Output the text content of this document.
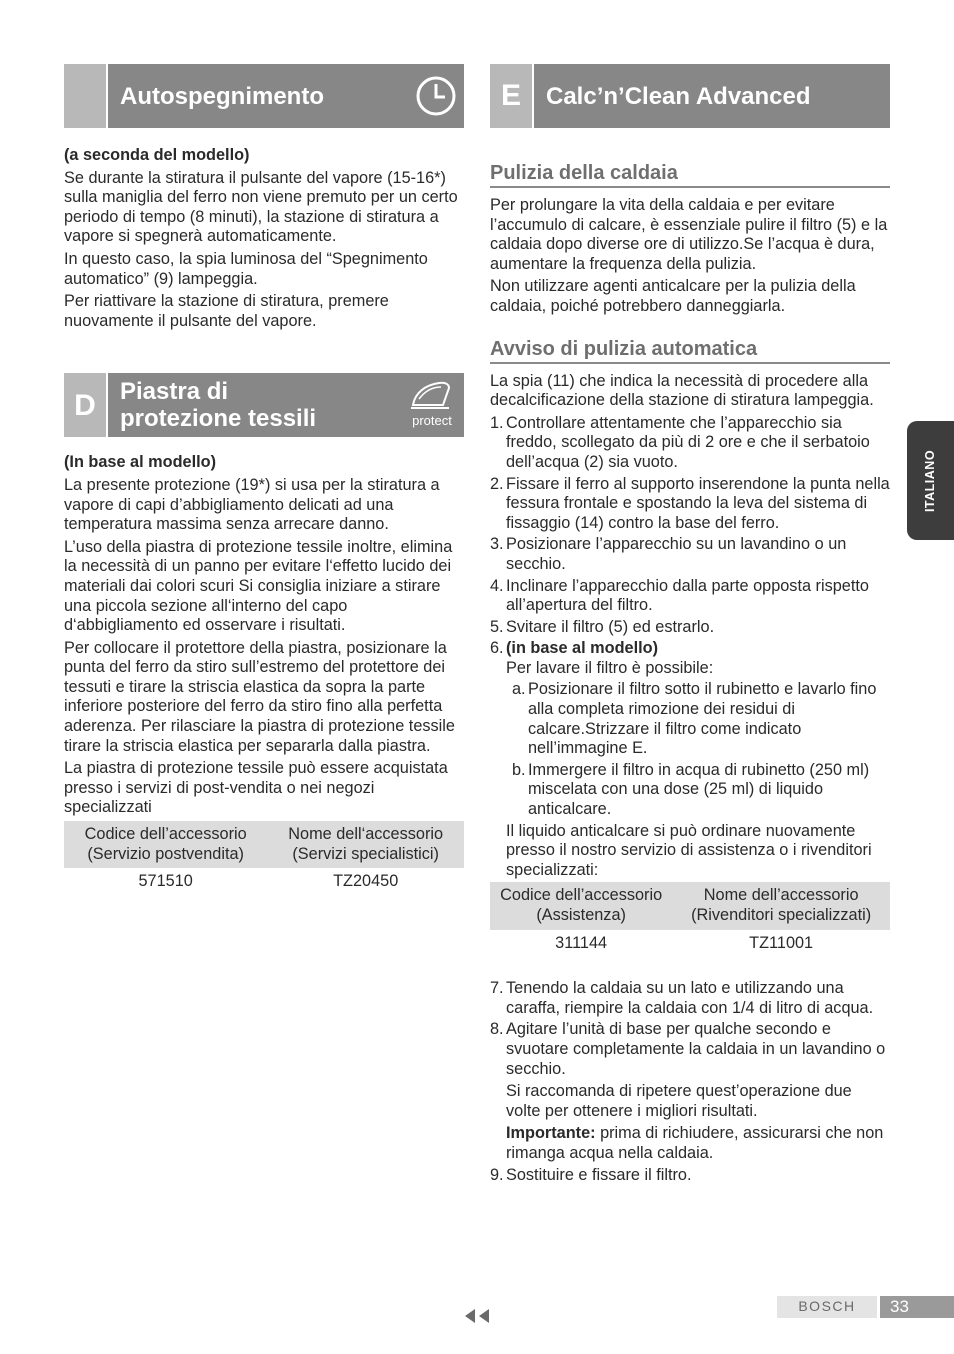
Autospegnimento

(a seconda del modello)

Se durante la stiratura il pulsante del vapore (15-16*) sulla maniglia del ferro non viene premuto per un certo periodo di tempo (8 minuti), la stazione di stiratura a vapore si spegnerà automaticamente.

In questo caso, la spia luminosa del “Spegnimento automatico” (9) lampeggia.

Per riattivare la stazione di stiratura, premere nuovamente il pulsante del vapore.

D	Piastra di
protezione tessili	protect

(In base al modello)

La presente protezione (19*) si usa per la stiratura a vapore di capi d’abbigliamento delicati ad una temperatura massima senza arrecare danno.

L’uso della piastra di protezione tessile inoltre, elimina la necessità di un panno per evitare l‘effetto lucido dei materiali dai colori scuri Si consiglia iniziare a stirare una piccola sezione all‘interno del capo d‘abbigliamento ed osservare i risultati.

Per collocare il protettore della piastra, posizionare la punta del ferro da stiro sull’estremo del protettore dei tessuti e tirare la striscia elastica da sopra la parte inferiore posteriore del ferro da stiro fino alla perfetta aderenza. Per rilasciare la piastra di protezione tessile tirare la striscia elastica per separarla dalla piastra.

La piastra di protezione tessile può essere acquistata presso i servizi di post-vendita o nei negozi specializzati

Codice dell’accessorio (Servizio postvendita)	Nome dell‘accessorio (Servizi specialistici)
571510	TZ20450
E	Calc’n’Clean Advanced
Pulizia della caldaia

Per prolungare la vita della caldaia e per evitare l’accumulo di calcare, è essenziale pulire il filtro (5) e la caldaia dopo diverse ore di utilizzo.Se l’acqua è dura, aumentare la frequenza della pulizia.

Non utilizzare agenti anticalcare per la pulizia della caldaia, poiché potrebbero danneggiarla.

Avviso di pulizia automatica

La spia (11) che indica la necessità di procedere alla decalcificazione della stazione di stiratura lampeggia.

1. Controllare attentamente che l’apparecchio sia freddo, scollegato da più di 2 ore e che il serbatoio dell’acqua (2) sia vuoto.
2. Fissare il ferro al supporto inserendone la punta nella fessura frontale e spostando la leva del sistema di fissaggio (14) contro la base del ferro.
3. Posizionare l’apparecchio su un lavandino o un secchio.
4. Inclinare l’apparecchio dalla parte opposta rispetto all’apertura del filtro.
5. Svitare il filtro (5) ed estrarlo.
6. (in base al modello)
Per lavare il filtro è possibile:
a. Posizionare il filtro sotto il rubinetto e lavarlo fino alla completa rimozione dei residui di calcare.Strizzare il filtro come indicato nell’immagine E.
b. Immergere il filtro in acqua di rubinetto (250 ml) miscelata con una dose (25 ml) di liquido anticalcare.
Il liquido anticalcare si può ordinare nuovamente presso il nostro servizio di assistenza o i rivenditori specializzati:
Codice dell’accessorio (Assistenza)	Nome dell’accessorio (Rivenditori specializzati)
311144	TZ11001
7. Tenendo la caldaia su un lato e utilizzando una caraffa, riempire la caldaia con 1/4 di litro di acqua.
8. Agitare l’unità di base per qualche secondo e svuotare completamente la caldaia in un lavandino o secchio.
Si raccomanda di ripetere quest’operazione due volte per ottenere i migliori risultati.
Importante: prima di richiudere, assicurarsi che non rimanga acqua nella caldaia.
9. Sostituire e fissare il filtro.
ITALIANO
BOSCH	33
